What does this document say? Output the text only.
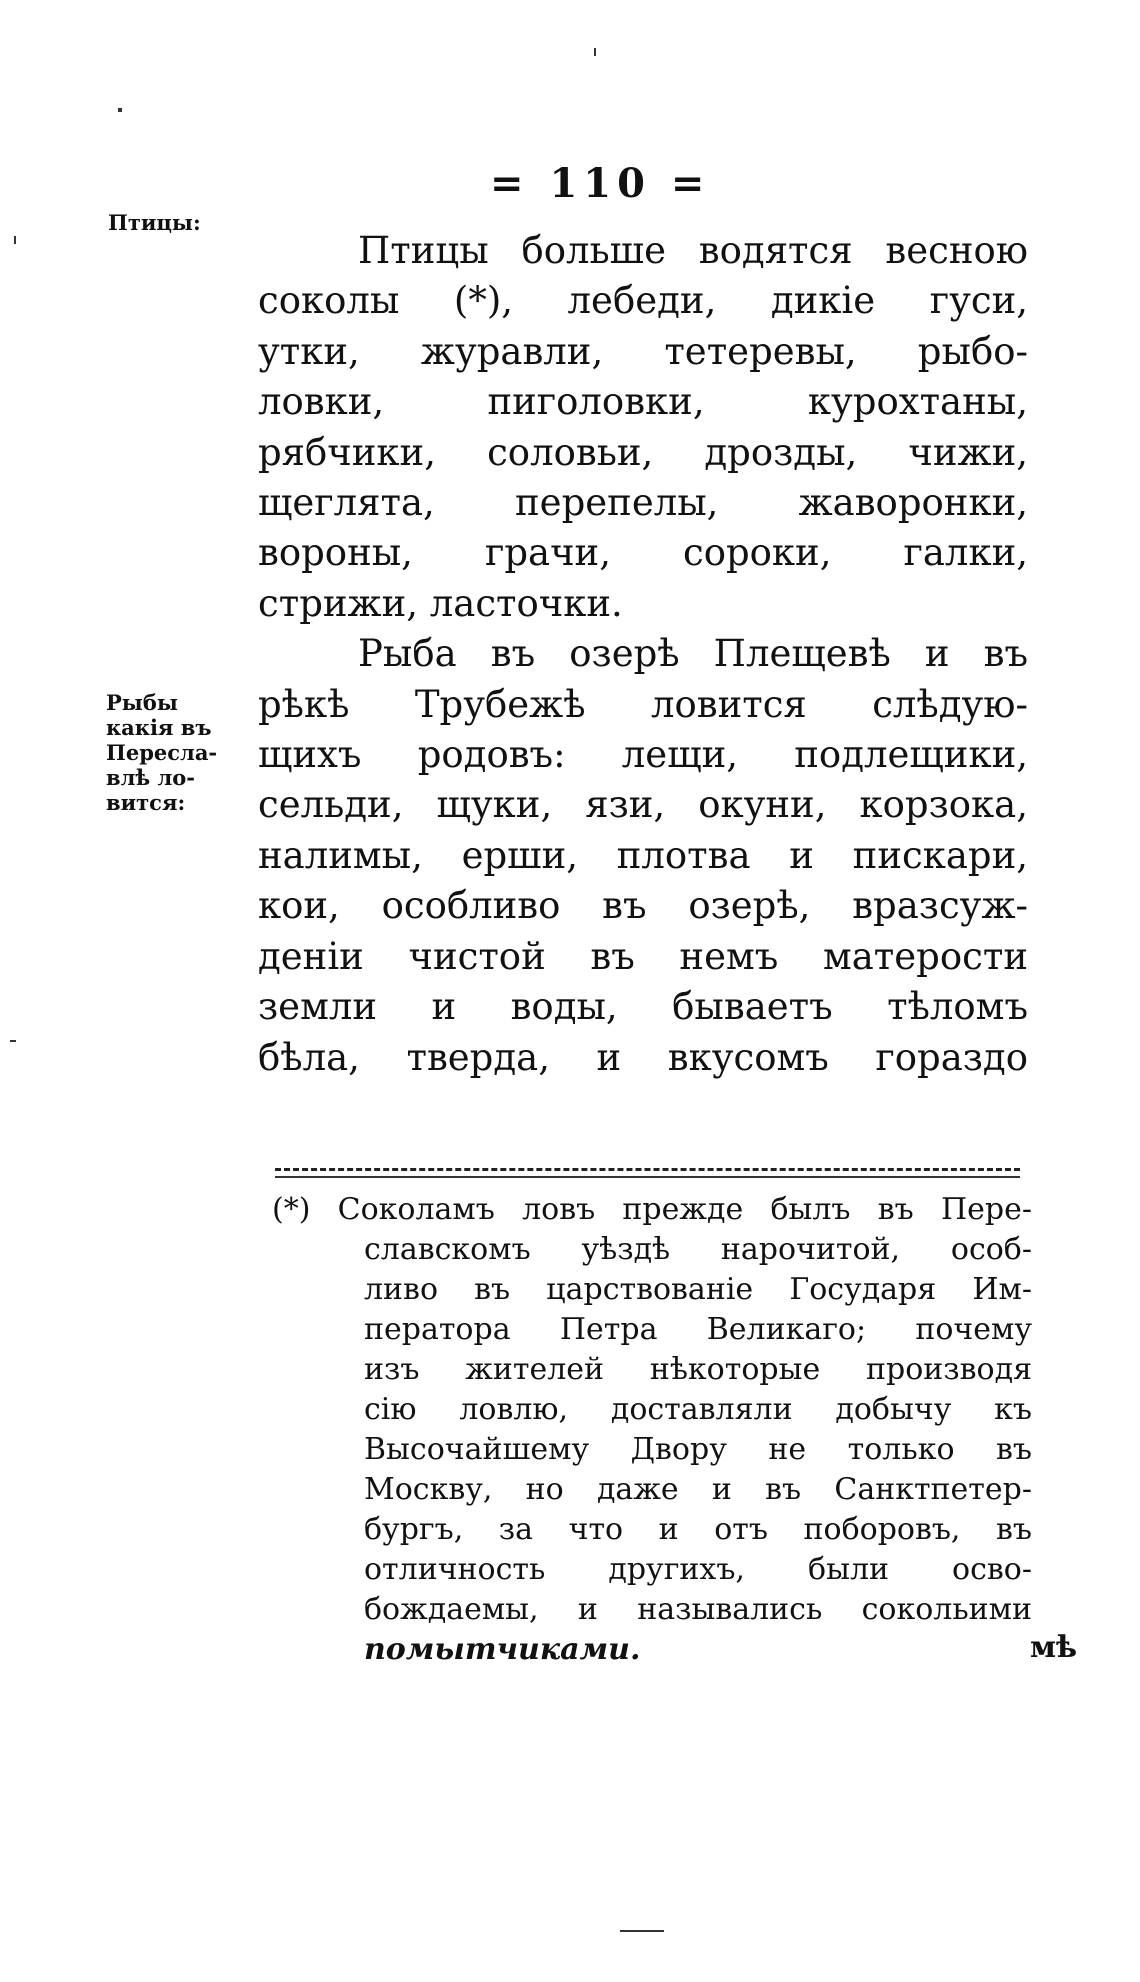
= 110 =
Птицы:
Рыбы
какія въ
Пересла-
влѣ ло-
вится:
Птицы больше водятся весною
соколы (*), лебеди, дикіе гуси,
утки, журавли, тетеревы, рыбо-
ловки, пиголовки, курохтаны,
рябчики, соловьи, дрозды, чижи,
щеглята, перепелы, жаворонки,
вороны, грачи, сороки, галки,
стрижи, ласточки.
Рыба въ озерѣ Плещевѣ и въ
рѣкѣ Трубежѣ ловится слѣдую-
щихъ родовъ: лещи, подлещики,
сельди, щуки, язи, окуни, корзока,
налимы, ерши, плотва и пискари,
кои, особливо въ озерѣ, вразсуж-
деніи чистой въ немъ матерости
земли и воды, бываетъ тѣломъ
бѣла, тверда, и вкусомъ гораздо
(*) Соколамъ ловъ прежде былъ въ Пере-
славскомъ уѣздѣ нарочитой, особ-
ливо въ царствованіе Государя Им-
ператора Петра Великаго; почему
изъ жителей нѣкоторые производя
сію ловлю, доставляли добычу къ
Высочайшему Двору не только въ
Москву, но даже и въ Санктпетер-
бургъ, за что и отъ поборовъ, въ
отличность другихъ, были осво-
бождаемы, и назывались сокольими
помытчиками.	мѣ
